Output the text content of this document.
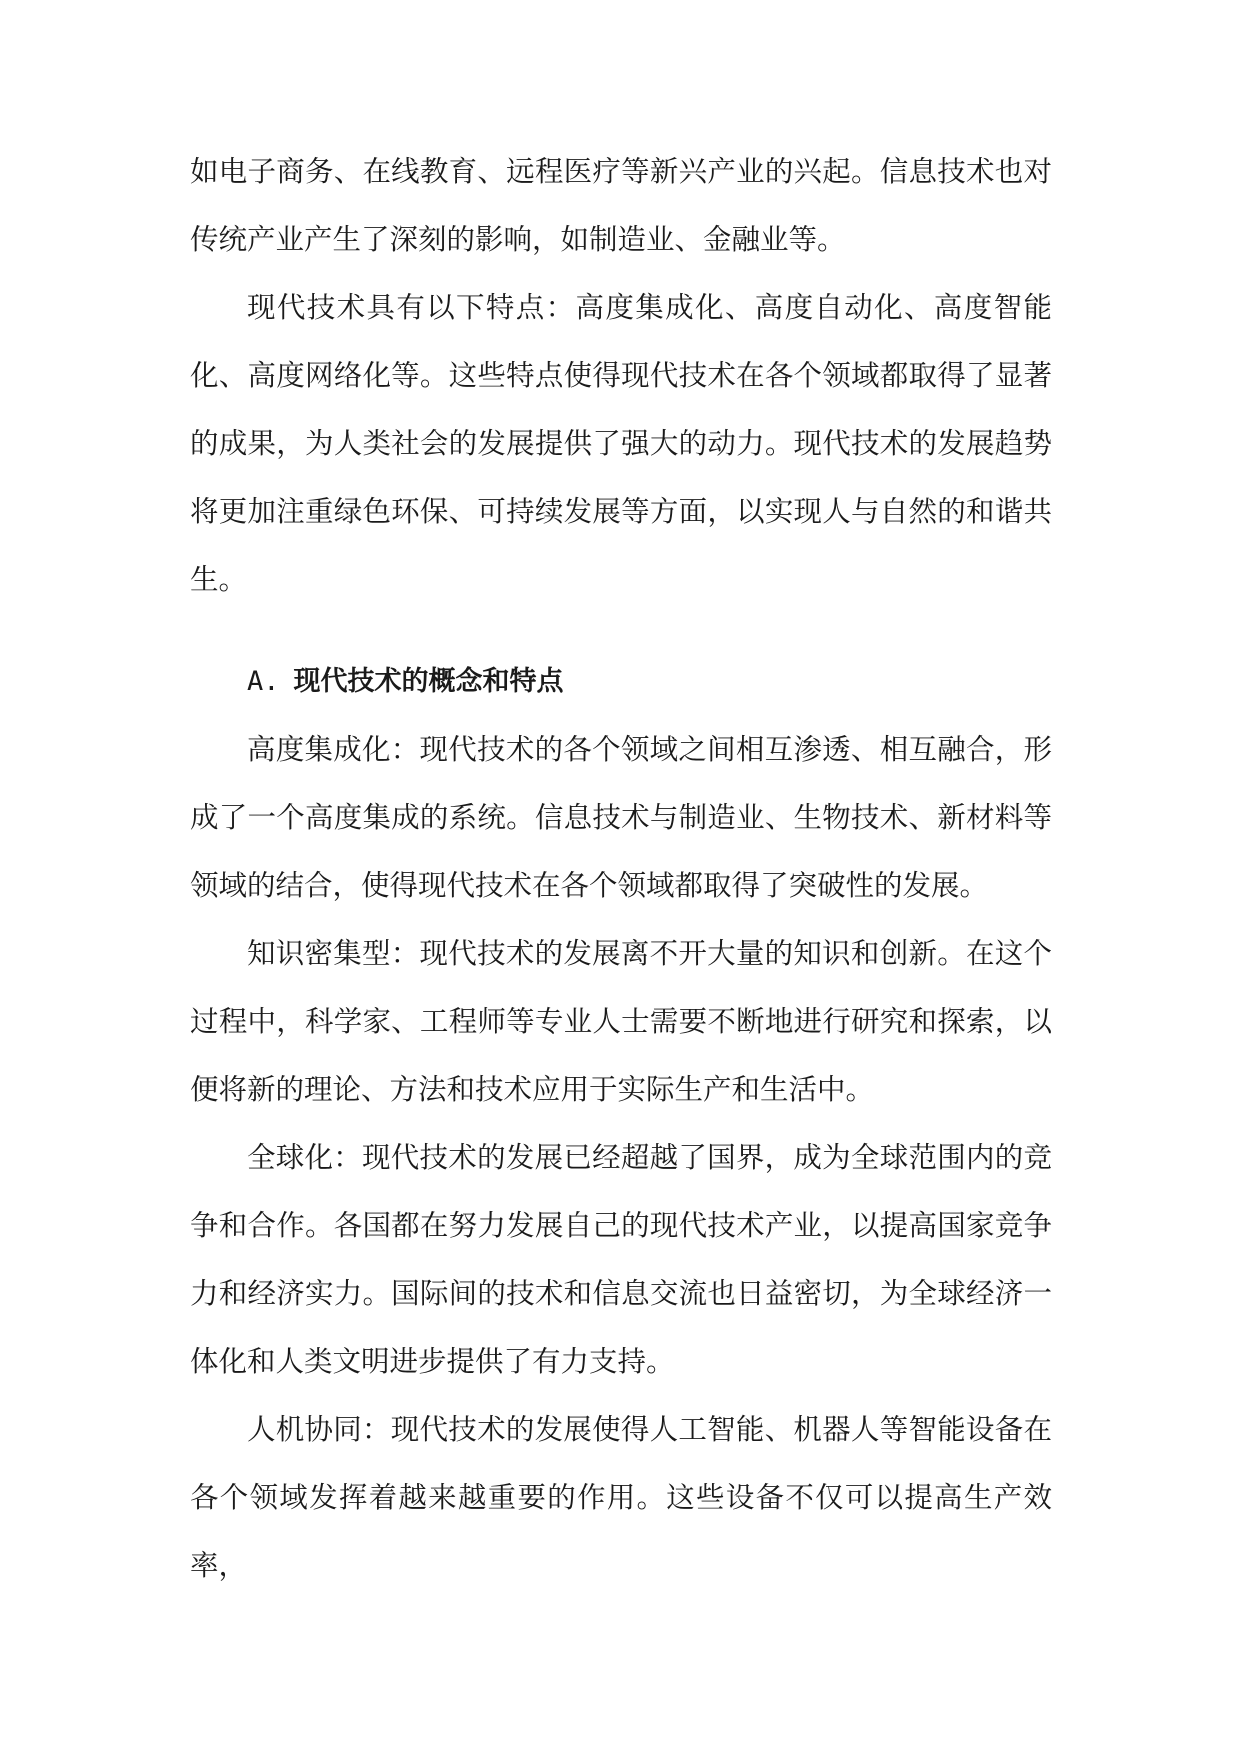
如电子商务、在线教育、远程医疗等新兴产业的兴起。信息技术也对传统产业产生了深刻的影响，如制造业、金融业等。

现代技术具有以下特点：高度集成化、高度自动化、高度智能化、高度网络化等。这些特点使得现代技术在各个领域都取得了显著的成果，为人类社会的发展提供了强大的动力。现代技术的发展趋势将更加注重绿色环保、可持续发展等方面，以实现人与自然的和谐共生。

A. 现代技术的概念和特点

高度集成化：现代技术的各个领域之间相互渗透、相互融合，形成了一个高度集成的系统。信息技术与制造业、生物技术、新材料等领域的结合，使得现代技术在各个领域都取得了突破性的发展。

知识密集型：现代技术的发展离不开大量的知识和创新。在这个过程中，科学家、工程师等专业人士需要不断地进行研究和探索，以便将新的理论、方法和技术应用于实际生产和生活中。

全球化：现代技术的发展已经超越了国界，成为全球范围内的竞争和合作。各国都在努力发展自己的现代技术产业，以提高国家竞争力和经济实力。国际间的技术和信息交流也日益密切，为全球经济一体化和人类文明进步提供了有力支持。

人机协同：现代技术的发展使得人工智能、机器人等智能设备在各个领域发挥着越来越重要的作用。这些设备不仅可以提高生产效率，
